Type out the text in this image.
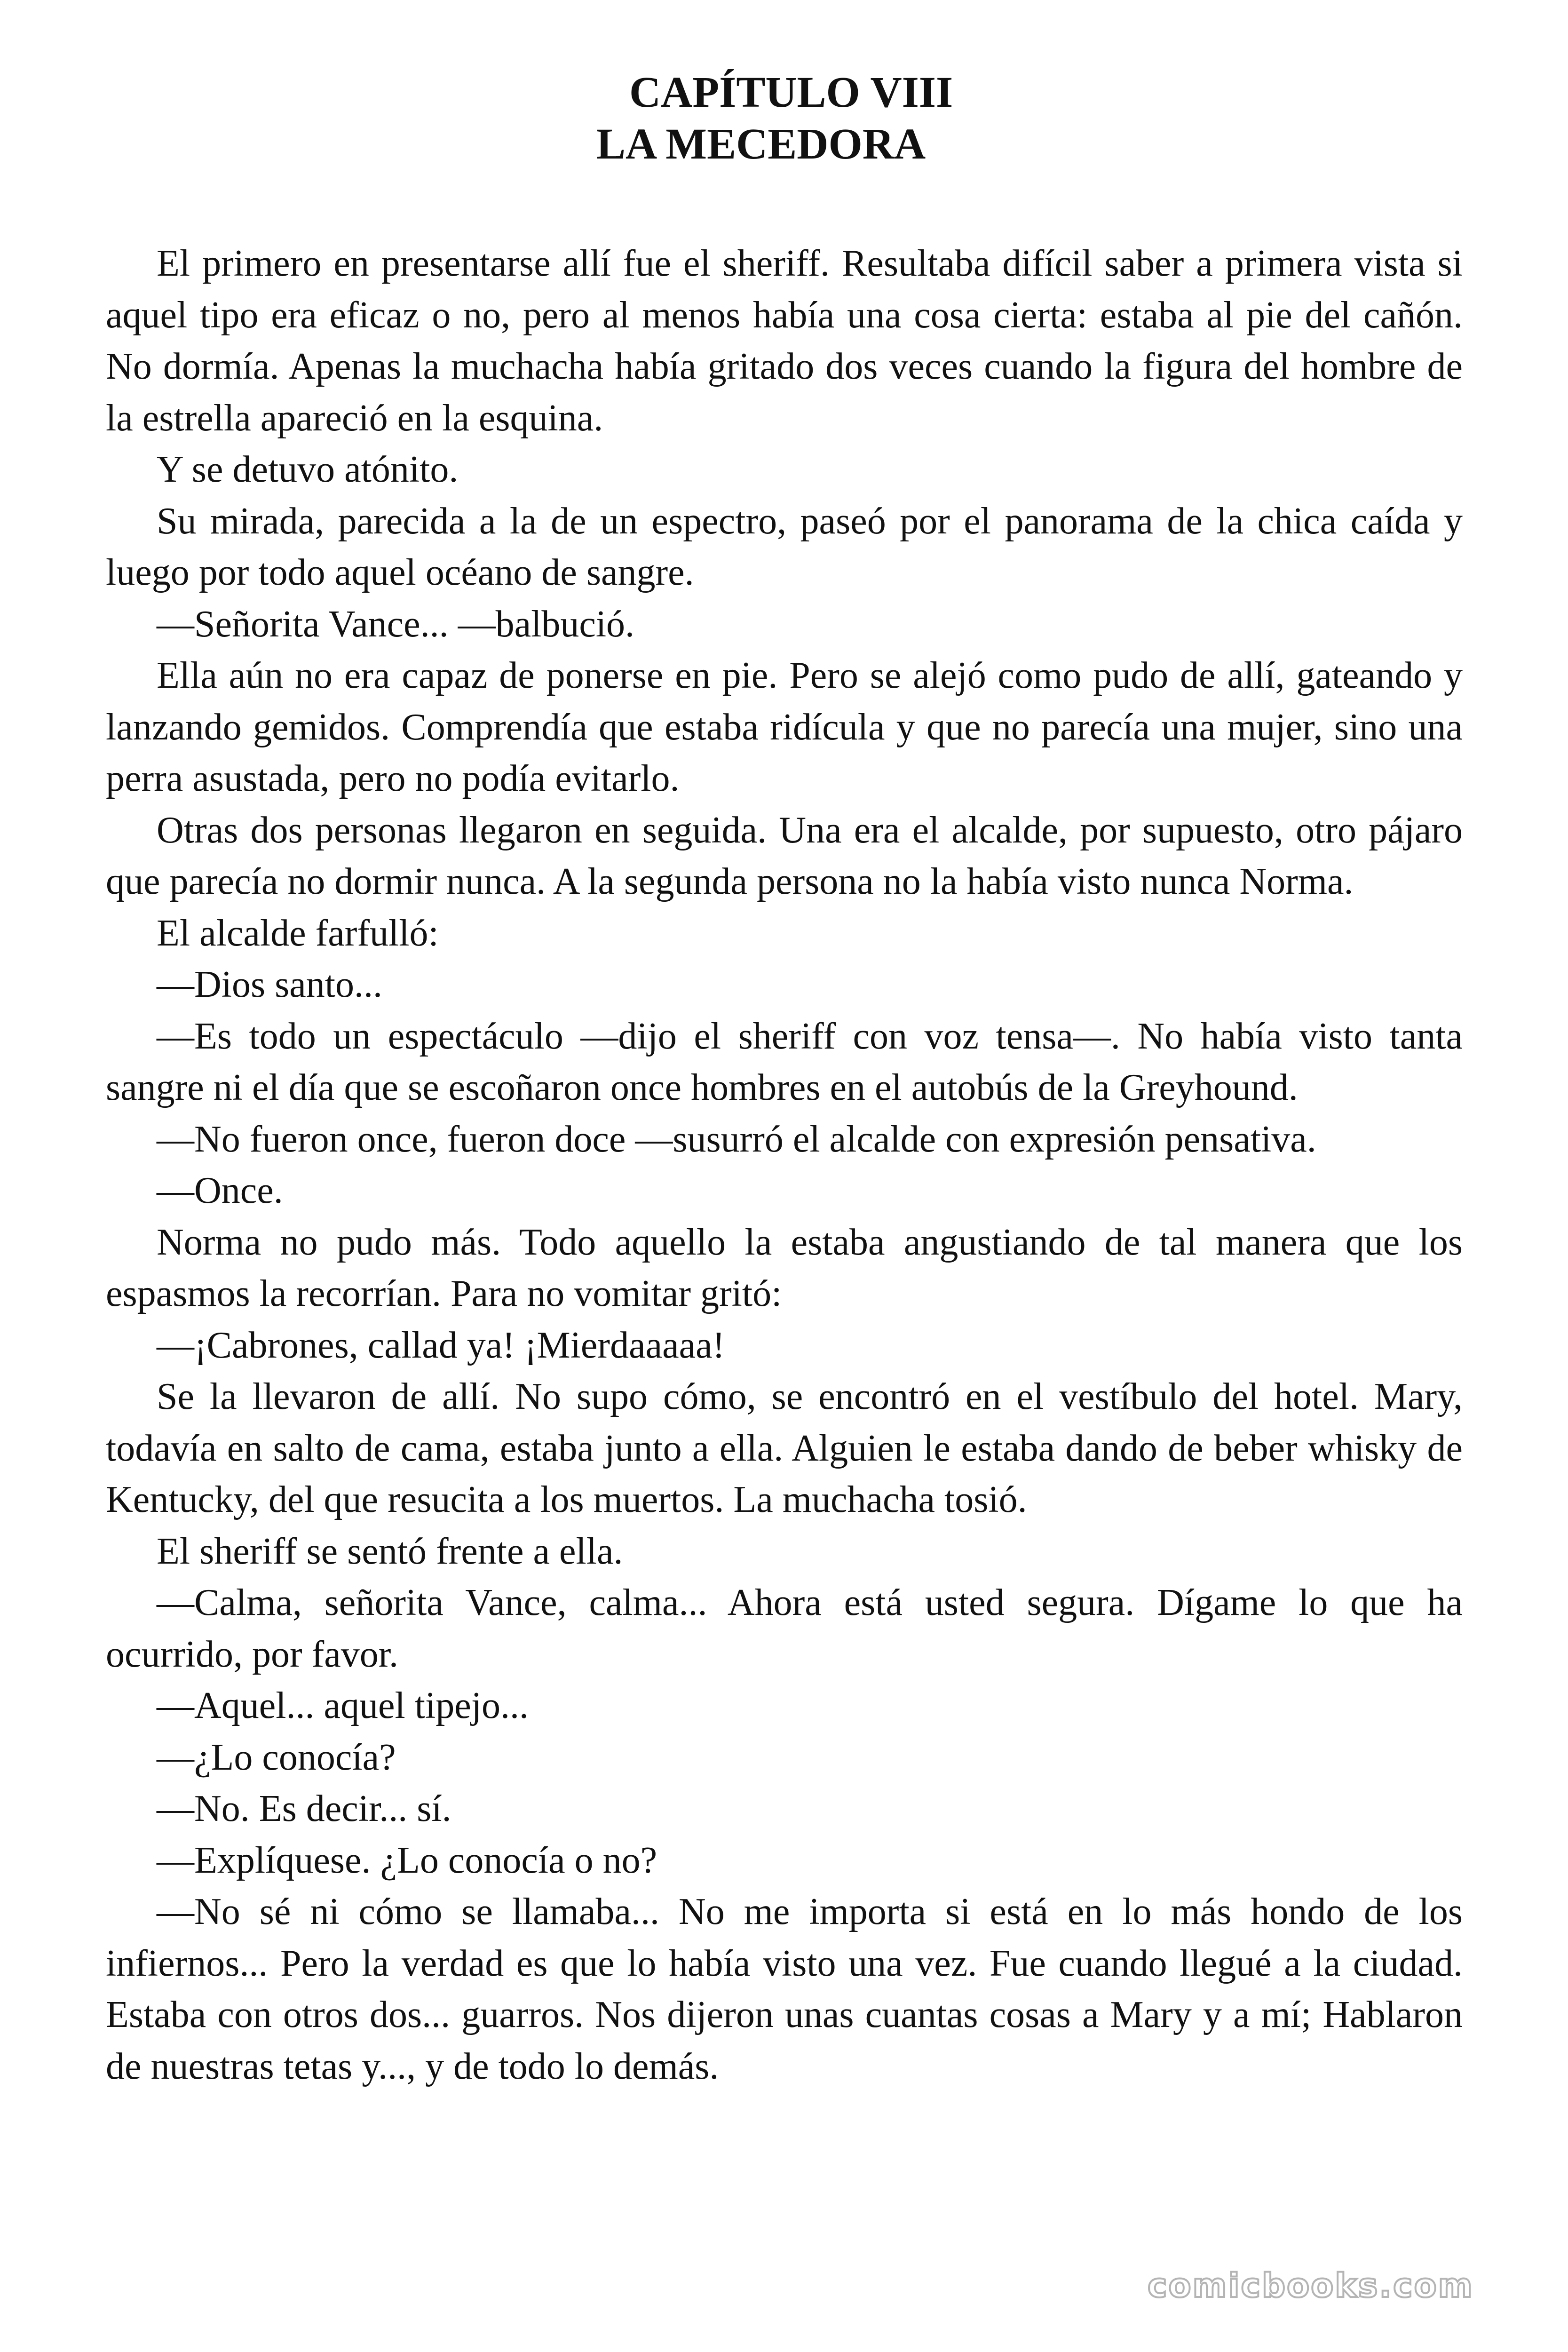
CAPÍTULO VIII
LA MECEDORA

El primero en presentarse allí fue el sheriff. Resultaba difícil saber a primera vista si aquel tipo era eficaz o no, pero al menos había una cosa cierta: estaba al pie del cañón. No dormía. Apenas la muchacha había gritado dos veces cuando la figura del hombre de la estrella apareció en la esquina.

Y se detuvo atónito.

Su mirada, parecida a la de un espectro, paseó por el panorama de la chica caída y luego por todo aquel océano de sangre.

—Señorita Vance... —balbució.

Ella aún no era capaz de ponerse en pie. Pero se alejó como pudo de allí, gateando y lanzando gemidos. Comprendía que estaba ridícula y que no parecía una mujer, sino una perra asustada, pero no podía evitarlo.

Otras dos personas llegaron en seguida. Una era el alcalde, por supuesto, otro pájaro que parecía no dormir nunca. A la segunda persona no la había visto nunca Norma.

El alcalde farfulló:

—Dios santo...

—Es todo un espectáculo —dijo el sheriff con voz tensa—. No había visto tanta sangre ni el día que se escoñaron once hombres en el autobús de la Greyhound.

—No fueron once, fueron doce —susurró el alcalde con expresión pensativa.

—Once.

Norma no pudo más. Todo aquello la estaba angustiando de tal manera que los espasmos la recorrían. Para no vomitar gritó:

—¡Cabrones, callad ya! ¡Mierdaaaaa!

Se la llevaron de allí. No supo cómo, se encontró en el vestíbulo del hotel. Mary, todavía en salto de cama, estaba junto a ella. Alguien le estaba dando de beber whisky de Kentucky, del que resucita a los muertos. La muchacha tosió.

El sheriff se sentó frente a ella.

—Calma, señorita Vance, calma... Ahora está usted segura. Dígame lo que ha ocurrido, por favor.

—Aquel... aquel tipejo...

—¿Lo conocía?

—No. Es decir... sí.

—Explíquese. ¿Lo conocía o no?

—No sé ni cómo se llamaba... No me importa si está en lo más hondo de los infiernos... Pero la verdad es que lo había visto una vez. Fue cuando llegué a la ciudad. Estaba con otros dos... guarros. Nos dijeron unas cuantas cosas a Mary y a mí; Hablaron de nuestras tetas y..., y de todo lo demás.

comicbooks.com
